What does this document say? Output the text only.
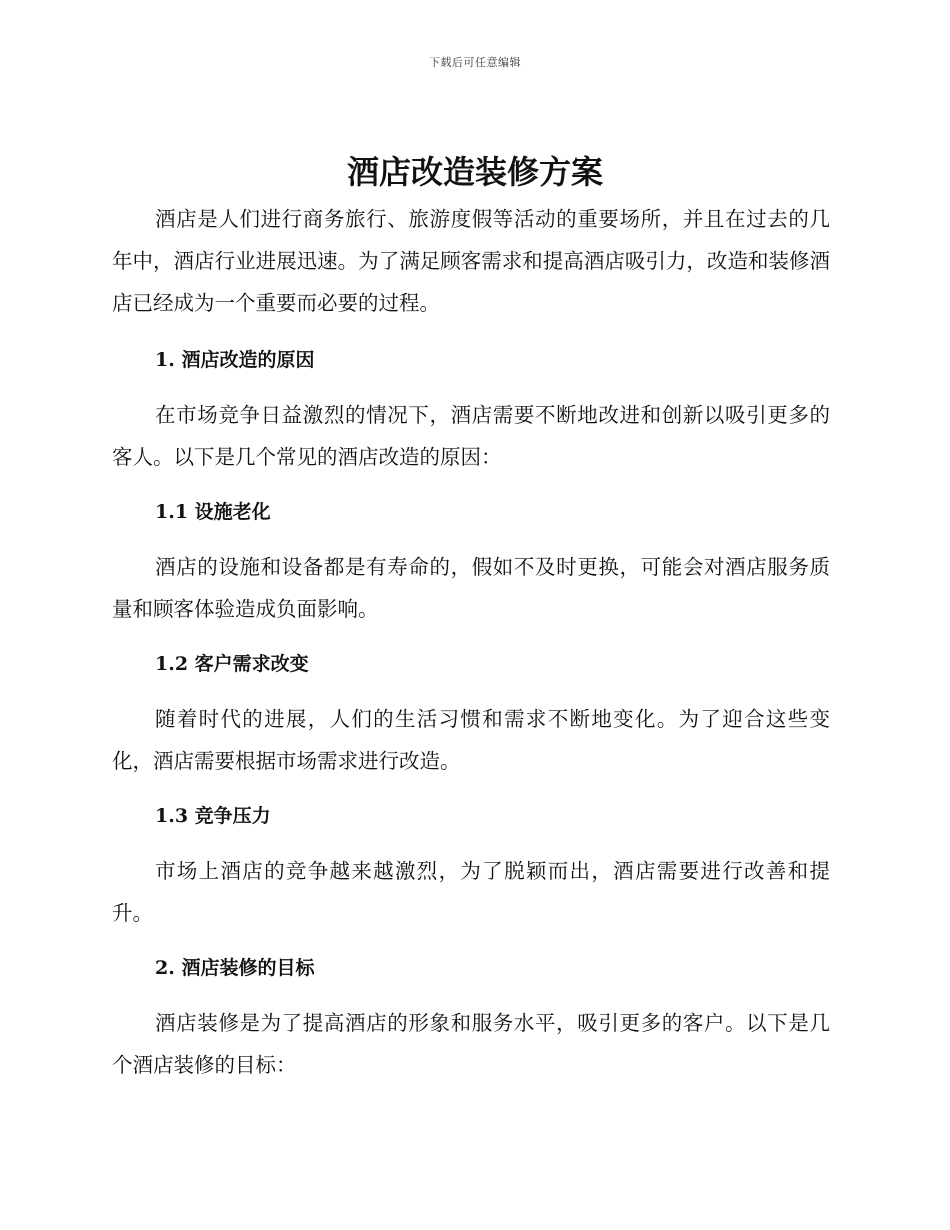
下载后可任意编辑
酒店改造装修方案

酒店是人们进行商务旅行、旅游度假等活动的重要场所，并且在过去的几年中，酒店行业进展迅速。为了满足顾客需求和提高酒店吸引力，改造和装修酒店已经成为一个重要而必要的过程。

1. 酒店改造的原因

在市场竞争日益激烈的情况下，酒店需要不断地改进和创新以吸引更多的客人。以下是几个常见的酒店改造的原因：

1.1 设施老化

酒店的设施和设备都是有寿命的，假如不及时更换，可能会对酒店服务质量和顾客体验造成负面影响。

1.2 客户需求改变

随着时代的进展，人们的生活习惯和需求不断地变化。为了迎合这些变化，酒店需要根据市场需求进行改造。

1.3 竞争压力

市场上酒店的竞争越来越激烈，为了脱颖而出，酒店需要进行改善和提升。

2. 酒店装修的目标

酒店装修是为了提高酒店的形象和服务水平，吸引更多的客户。以下是几个酒店装修的目标：
